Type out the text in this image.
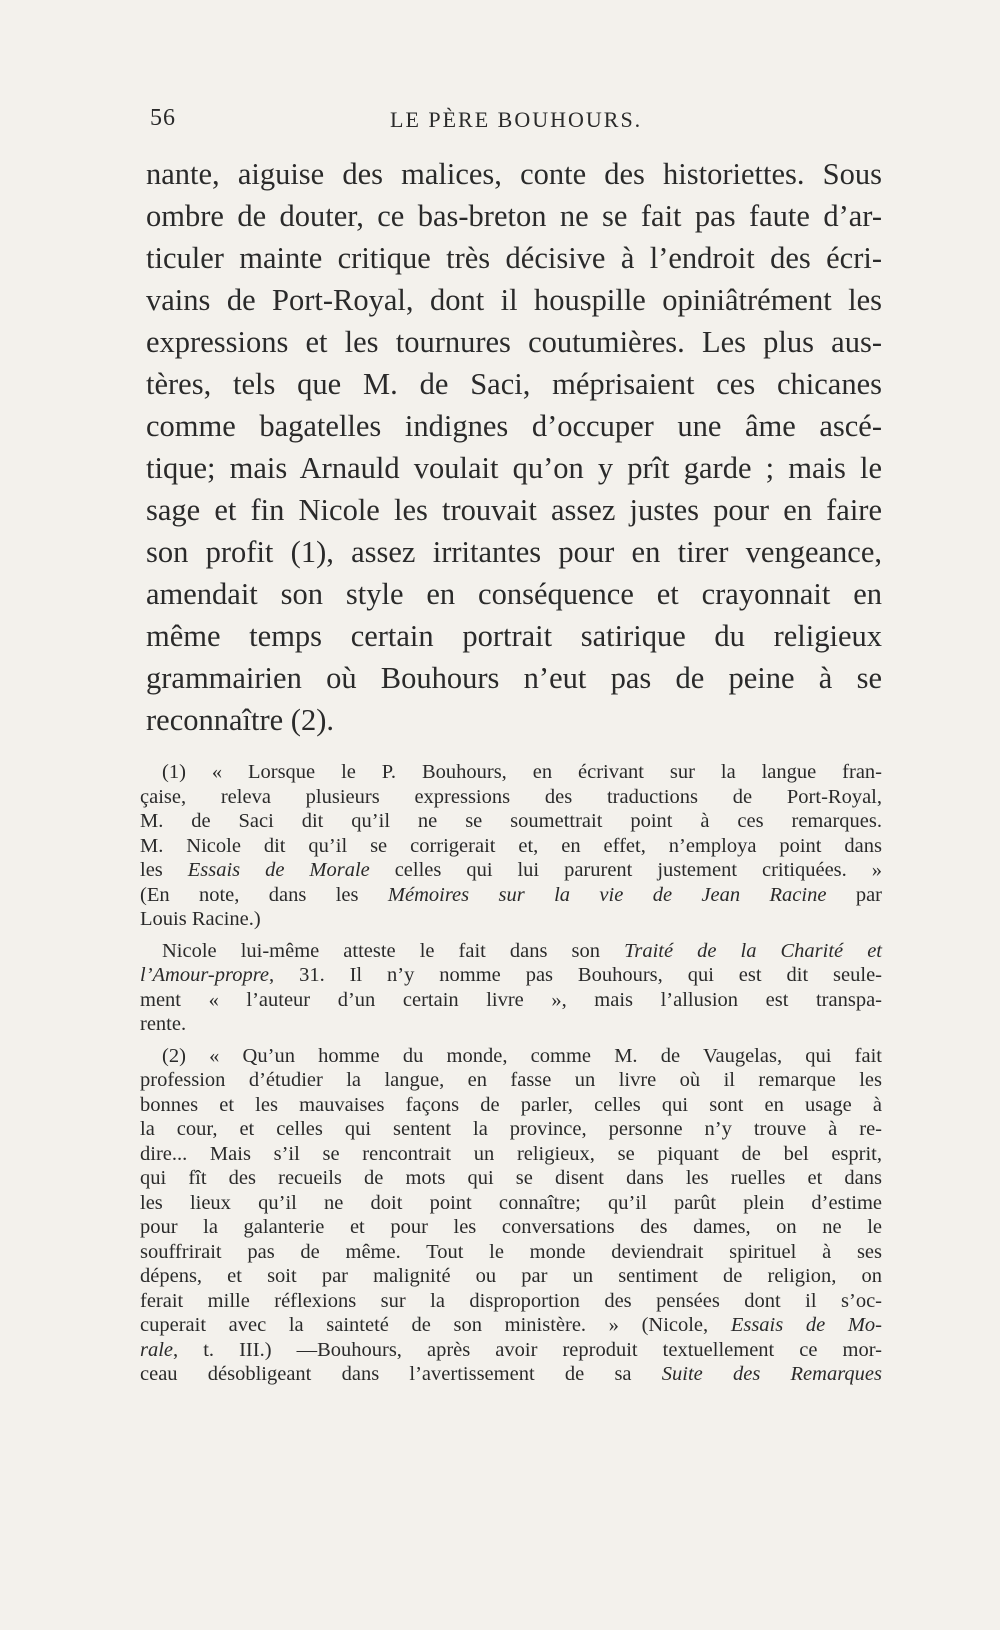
56	LE PÈRE BOUHOURS.
nante, aiguise des malices, conte des historiettes. Sous
ombre de douter, ce bas-breton ne se fait pas faute d’ar-
ticuler mainte critique très décisive à l’endroit des écri-
vains de Port-Royal, dont il houspille opiniâtrément les
expressions et les tournures coutumières. Les plus aus-
tères, tels que M. de Saci, méprisaient ces chicanes
comme bagatelles indignes d’occuper une âme ascé-
tique; mais Arnauld voulait qu’on y prît garde ; mais le
sage et fin Nicole les trouvait assez justes pour en faire
son profit (1), assez irritantes pour en tirer vengeance,
amendait son style en conséquence et crayonnait en
même temps certain portrait satirique du religieux
grammairien où Bouhours n’eut pas de peine à se
reconnaître (2).
(1) « Lorsque le P. Bouhours, en écrivant sur la langue fran-
çaise, releva plusieurs expressions des traductions de Port-Royal,
M. de Saci dit qu’il ne se soumettrait point à ces remarques.
M. Nicole dit qu’il se corrigerait et, en effet, n’employa point dans
les Essais de Morale celles qui lui parurent justement critiquées. »
(En note, dans les Mémoires sur la vie de Jean Racine par
Louis Racine.)
Nicole lui-même atteste le fait dans son Traité de la Charité et
l’Amour-propre, 31. Il n’y nomme pas Bouhours, qui est dit seule-
ment « l’auteur d’un certain livre », mais l’allusion est transpa-
rente.
(2) « Qu’un homme du monde, comme M. de Vaugelas, qui fait
profession d’étudier la langue, en fasse un livre où il remarque les
bonnes et les mauvaises façons de parler, celles qui sont en usage à
la cour, et celles qui sentent la province, personne n’y trouve à re-
dire... Mais s’il se rencontrait un religieux, se piquant de bel esprit,
qui fît des recueils de mots qui se disent dans les ruelles et dans
les lieux qu’il ne doit point connaître; qu’il parût plein d’estime
pour la galanterie et pour les conversations des dames, on ne le
souffrirait pas de même. Tout le monde deviendrait spirituel à ses
dépens, et soit par malignité ou par un sentiment de religion, on
ferait mille réflexions sur la disproportion des pensées dont il s’oc-
cuperait avec la sainteté de son ministère. » (Nicole, Essais de Mo-
rale, t. III.) —Bouhours, après avoir reproduit textuellement ce mor-
ceau désobligeant dans l’avertissement de sa Suite des Remarques
